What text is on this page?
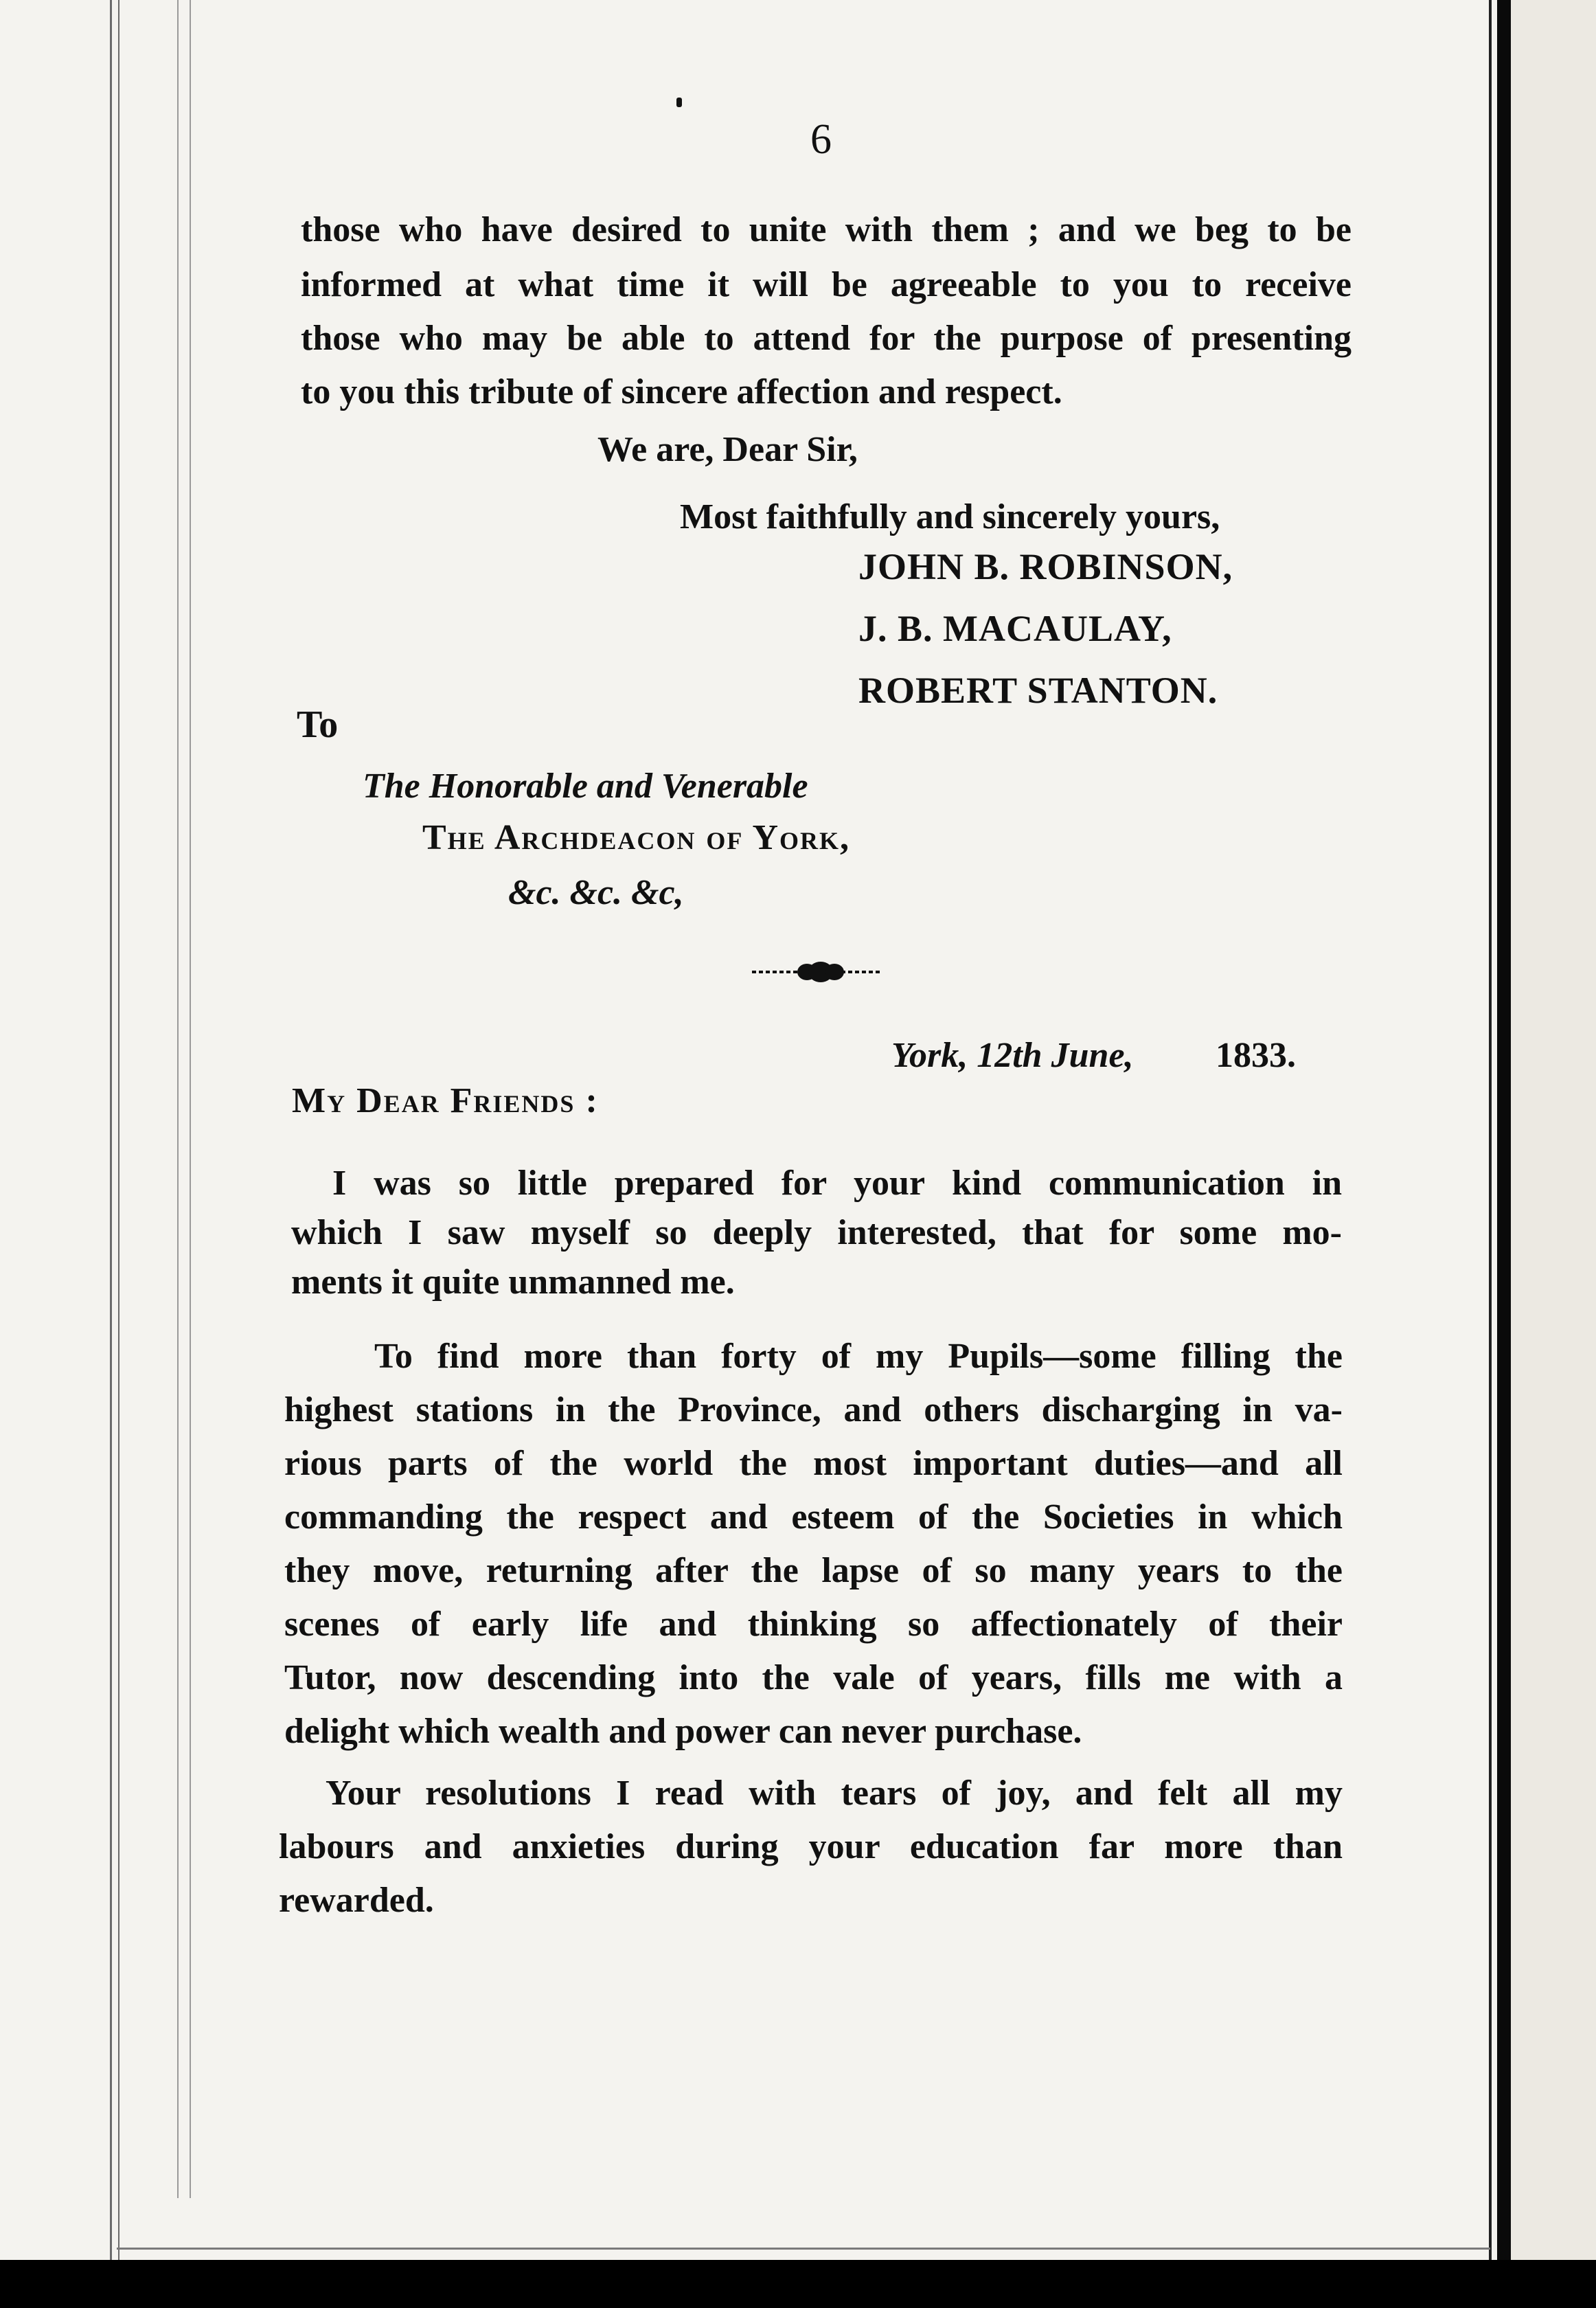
6
those who have desired to unite with them ; and we beg to be
informed at what time it will be agreeable to you to receive
those who may be able to attend for the purpose of presenting
to you this tribute of sincere affection and respect.
We are, Dear Sir,
Most faithfully and sincerely yours,
JOHN B. ROBINSON,
J. B. MACAULAY,
ROBERT STANTON.
To
The Honorable and Venerable
The Archdeacon of York,
&c. &c. &c,
York, 12th June, 1833.
My Dear Friends :
I was so little prepared for your kind communication in
which I saw myself so deeply interested, that for some mo-
ments it quite unmanned me.
To find more than forty of my Pupils—some filling the
highest stations in the Province, and others discharging in va-
rious parts of the world the most important duties—and all
commanding the respect and esteem of the Societies in which
they move, returning after the lapse of so many years to the
scenes of early life and thinking so affectionately of their
Tutor, now descending into the vale of years, fills me with a
delight which wealth and power can never purchase.
Your resolutions I read with tears of joy, and felt all my
labours and anxieties during your education far more than
rewarded.
